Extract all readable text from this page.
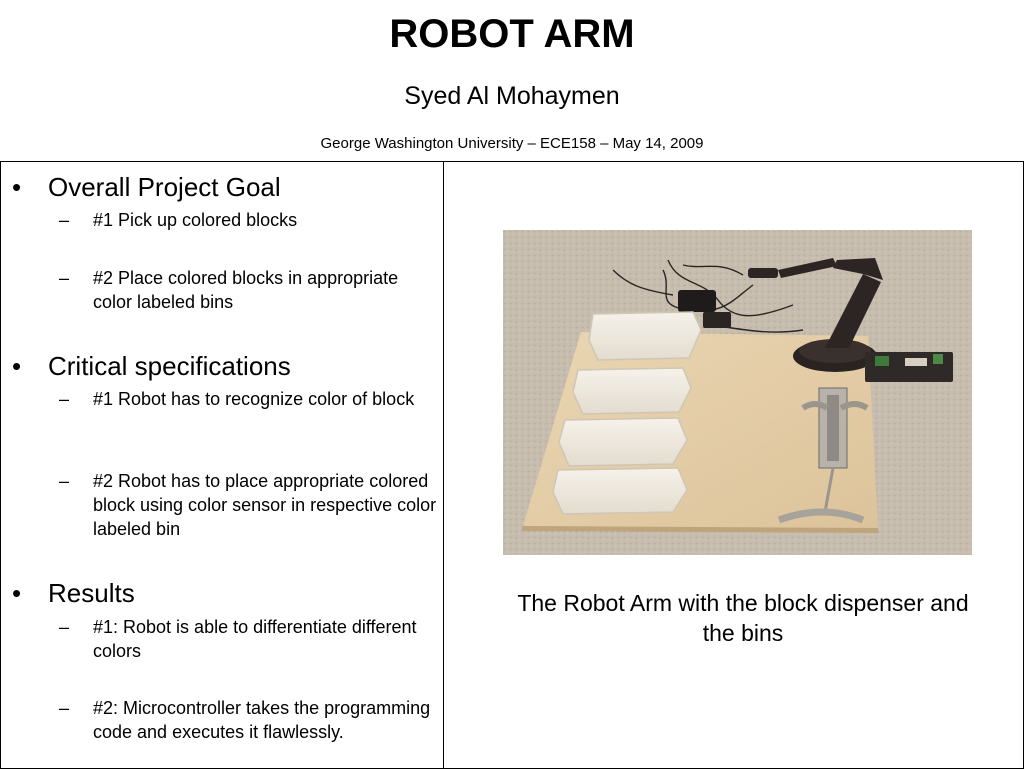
ROBOT ARM

Syed Al Mohaymen

George Washington University – ECE158 – May 14, 2009

• Overall Project Goal
– #1 Pick up colored blocks
– #2 Place colored blocks in appropriate color labeled bins
• Critical specifications
– #1 Robot has to recognize color of block
– #2 Robot has to place appropriate colored block using color sensor in respective color labeled bin
• Results
– #1: Robot is able to differentiate different colors
– #2: Microcontroller takes the programming code and executes it flawlessly.
The Robot Arm with the block dispenser and the bins
